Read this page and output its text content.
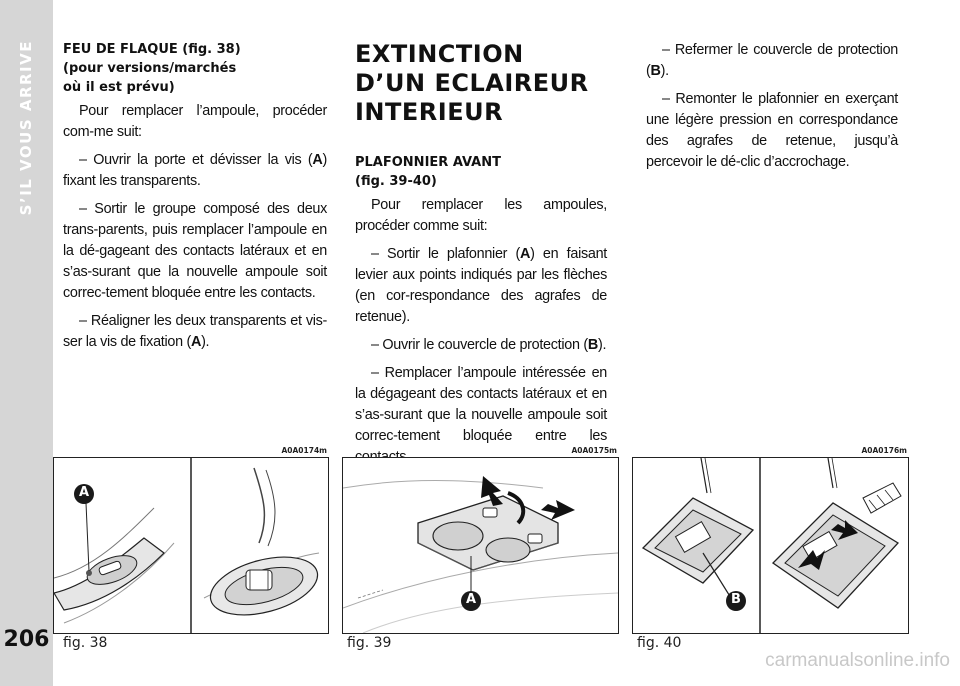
S’IL VOUS ARRIVE
206
FEU DE FLAQUE (fig. 38)
(pour versions/marchés
où il est prévu)

Pour remplacer l’ampoule, procéder com-me suit:

– Ouvrir la porte et dévisser la vis (A) fixant les transparents.

– Sortir le groupe composé des deux trans-parents, puis remplacer l’ampoule en la dé-gageant des contacts latéraux et en s’as-surant que la nouvelle ampoule soit correc-tement bloquée entre les contacts.

– Réaligner les deux transparents et vis-ser la vis de fixation (A).

EXTINCTION
D’UN ECLAIREUR
INTERIEUR
PLAFONNIER AVANT
(fig. 39-40)

Pour remplacer les ampoules, procéder comme suit:

– Sortir le plafonnier (A) en faisant levier aux points indiqués par les flèches (en cor-respondance des agrafes de retenue).

– Ouvrir le couvercle de protection (B).

– Remplacer l’ampoule intéressée en la dégageant des contacts latéraux et en s’as-surant que la nouvelle ampoule soit correc-tement bloquée entre les

– Refermer le couvercle de protection (B).

– Remonter le plafonnier en exerçant une légère pression en correspondance des agrafes de retenue, jusqu’à percevoir le dé-clic d’accrochage.

A0A0174m
A
fig. 38
A0A0175m
A
fig. 39
A0A0176m
B
fig. 40
carmanualsonline.info
